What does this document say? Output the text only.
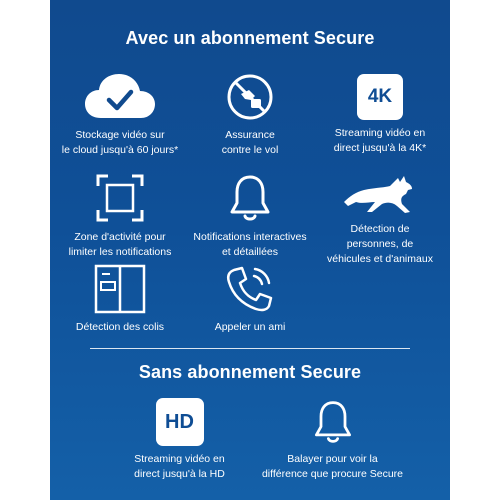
Avec un abonnement Secure
Stockage vidéo sur
le cloud jusqu'à 60 jours*
Assurance
contre le vol
4K
Streaming vidéo en
direct jusqu'à la 4K*
Zone d'activité pour
limiter les notifications
Notifications interactives
et détaillées
Détection de
personnes, de
véhicules et d'animaux
Détection des colis	Appeler un ami
Sans abonnement Secure
HD
Streaming vidéo en
direct jusqu'à la HD
Balayer pour voir la
différence que procure Secure
